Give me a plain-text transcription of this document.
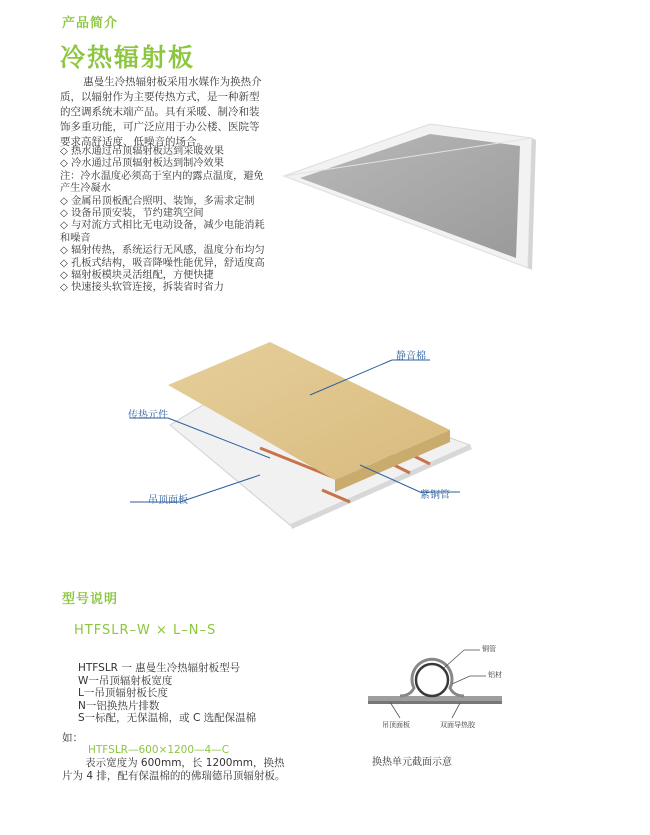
产品简介
冷热辐射板
惠曼生冷热辐射板采用水媒作为换热介质，以辐射作为主要传热方式，是一种新型的空调系统末端产品。具有采暖、制冷和装饰多重功能，可广泛应用于办公楼、医院等要求高舒适度、低噪音的场合。
◇ 热水通过吊顶辐射板达到采暖效果
◇ 冷水通过吊顶辐射板达到制冷效果
注：冷水温度必须高于室内的露点温度，避免产生冷凝水
◇ 金属吊顶板配合照明、装饰，多需求定制
◇ 设备吊顶安装，节约建筑空间
◇ 与对流方式相比无电动设备，减少电能消耗和噪音
◇ 辐射传热，系统运行无风感，温度分布均匀
◇ 孔板式结构，吸音降噪性能优异，舒适度高
◇ 辐射板模块灵活组配，方便快捷
◇ 快速接头软管连接，拆装省时省力
静音棉
传热元件
吊顶面板	紫铜管
型号说明
HTFSLR–W × L–N–S
HTFSLR 一 惠曼生冷热辐射板型号
W一吊顶辐射板宽度
L一吊顶辐射板长度
N一铝换热片排数
S一标配，无保温棉，或 C 选配保温棉
如：
HTFSLR—600×1200—4—C
表示宽度为 600mm，长 1200mm，换热片为 4 排，配有保温棉的的佛瑞德吊顶辐射板。
铜管
铝材
吊顶面板	双面导热胶
换热单元截面示意
